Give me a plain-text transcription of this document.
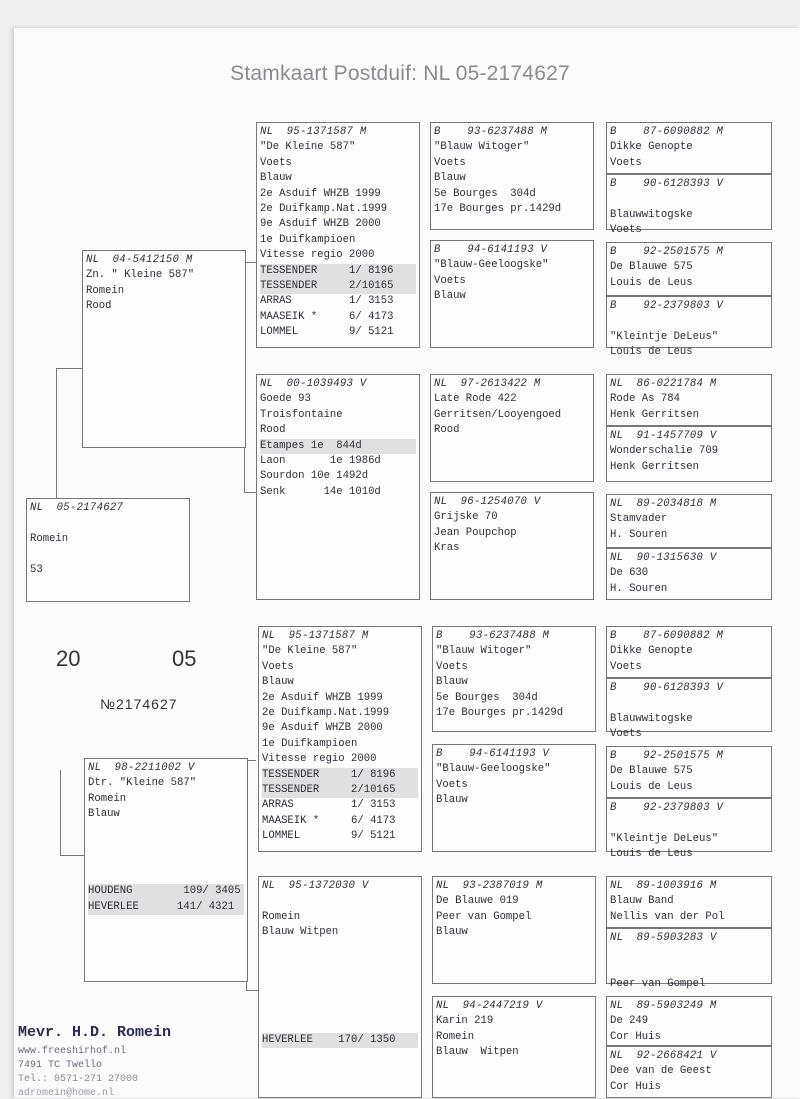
Stamkaart Postduif: NL 05-2174627
NL  05-2174627
Romein
53
NL  04-5412150 M
Zn. " Kleine 587"
Romein
Rood
NL  98-2211002 V
Dtr. "Kleine 587"
Romein
Blauw
HOUDENG        109/ 3405
HEVERLEE      141/ 4321
NL  95-1371587 M
"De Kleine 587"
Voets
Blauw
2e Asduif WHZB 1999
2e Duifkamp.Nat.1999
9e Asduif WHZB 2000
1e Duifkampioen
Vitesse regio 2000
TESSENDER     1/ 8196
TESSENDER     2/10165
ARRAS         1/ 3153
MAASEIK *     6/ 4173
LOMMEL        9/ 5121
NL  00-1039493 V
Goede 93
Troisfontaine
Rood
Etampes 1e  844d
Laon       1e 1986d
Sourdon 10e 1492d
Senk      14e 1010d
NL  95-1371587 M
"De Kleine 587"
Voets
Blauw
2e Asduif WHZB 1999
2e Duifkamp.Nat.1999
9e Asduif WHZB 2000
1e Duifkampioen
Vitesse regio 2000
TESSENDER     1/ 8196
TESSENDER     2/10165
ARRAS         1/ 3153
MAASEIK *     6/ 4173
LOMMEL        9/ 5121
NL  95-1372030 V
Romein
Blauw Witpen
HEVERLEE    170/ 1350
B    93-6237488 M
"Blauw Witoger"
Voets
Blauw
5e Bourges  304d
17e Bourges pr.1429d
B    94-6141193 V
"Blauw-Geeloogske"
Voets
Blauw
NL  97-2613422 M
Late Rode 422
Gerritsen/Looyengoed
Rood
NL  96-1254070 V
Grijske 70
Jean Poupchop
Kras
B    93-6237488 M
"Blauw Witoger"
Voets
Blauw
5e Bourges  304d
17e Bourges pr.1429d
B    94-6141193 V
"Blauw-Geeloogske"
Voets
Blauw
NL  93-2387019 M
De Blauwe 019
Peer van Gompel
Blauw
NL  94-2447219 V
Karin 219
Romein
Blauw  Witpen
B    87-6090882 M
Dikke Genopte
Voets
B    90-6128393 V
Blauwwitogske
Voets
B    92-2501575 M
De Blauwe 575
Louis de Leus
B    92-2379803 V
"Kleintje DeLeus"
Louis de Leus
NL  86-0221784 M
Rode As 784
Henk Gerritsen
NL  91-1457709 V
Wonderschalie 709
Henk Gerritsen
NL  89-2034818 M
Stamvader
H. Souren
NL  90-1315630 V
De 630
H. Souren
B    87-6090882 M
Dikke Genopte
Voets
B    90-6128393 V
Blauwwitogske
Voets
B    92-2501575 M
De Blauwe 575
Louis de Leus
B    92-2379803 V
"Kleintje DeLeus"
Louis de Leus
NL  89-1003916 M
Blauw Band
Nellis van der Pol
NL  89-5903283 V
Peer van Gompel
NL  89-5903249 M
De 249
Cor Huis
NL  92-2668421 V
Dee van de Geest
Cor Huis
20	05
№2174627
Mevr. H.D. Romein
www.freeshirhof.nl
7491 TC Twello
Tel.: 0571-271 27000
adromein@home.nl
